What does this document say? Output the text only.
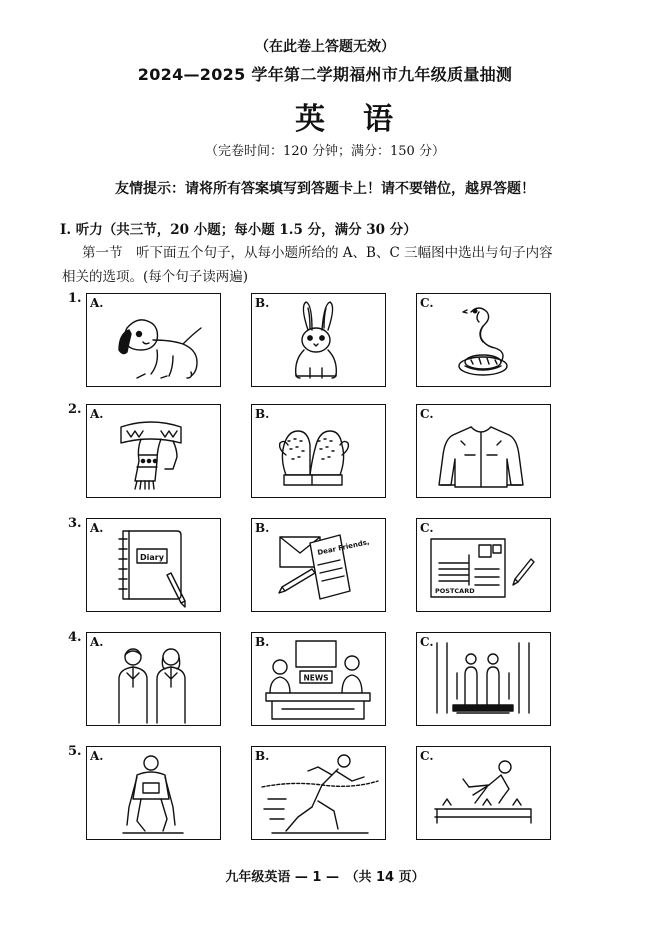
（在此卷上答题无效）
2024—2025 学年第二学期福州市九年级质量抽测
英语
（完卷时间：120 分钟；满分：150 分）
友情提示：请将所有答案填写到答题卡上！请不要错位，越界答题！
I. 听力（共三节，20 小题；每小题 1.5 分，满分 30 分）
第一节　听下面五个句子，从每小题所给的 A、B、C 三幅图中选出与句子内容
相关的选项。(每个句子读两遍)
1. A.	B.	C.
2. A.	B.	C.
3. A.
Diary
B.
Dear Friends,
C.
POSTCARD
4. A.	B.
NEWS
C.
5. A.	B.	C.
九年级英语 — 1 —　（共 14 页）
